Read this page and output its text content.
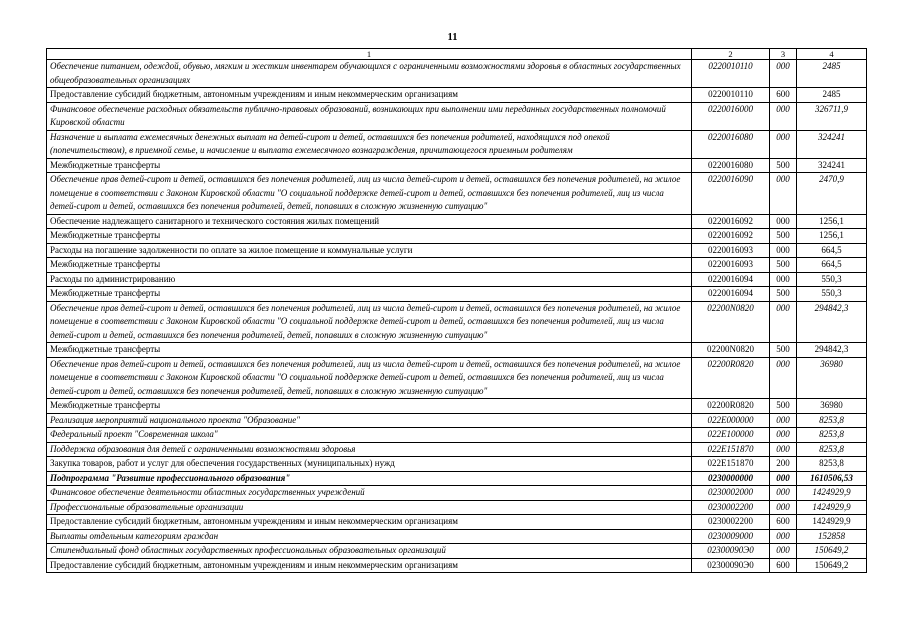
11
1	2	3	4
Обеспечение питанием, одеждой, обувью, мягким и жестким инвентарем обучающихся с ограниченными возможностями здоровья в областных государственных общеобразовательных организациях	0220010110	000	2485
Предоставление субсидий бюджетным, автономным учреждениям и иным некоммерческим организациям	0220010110	600	2485
Финансовое обеспечение расходных обязательств публично-правовых образований, возникающих при выполнении ими переданных государственных полномочий Кировской области	0220016000	000	326711,9
Назначение и выплата ежемесячных денежных выплат на детей-сирот и детей, оставшихся без попечения родителей, находящихся под опекой (попечительством), в приемной семье, и начисление и выплата ежемесячного вознаграждения, причитающегося приемным родителям	0220016080	000	324241
Межбюджетные трансферты	0220016080	500	324241
Обеспечение прав детей-сирот и детей, оставшихся без попечения родителей, лиц из числа детей-сирот и детей, оставшихся без попечения родителей, на жилое помещение в соответствии с Законом Кировской области "О социальной поддержке детей-сирот и детей, оставшихся без попечения родителей, лиц из числа детей-сирот и детей, оставшихся без попечения родителей, детей, попавших в сложную жизненную ситуацию"	0220016090	000	2470,9
Обеспечение надлежащего санитарного и технического состояния жилых помещений	0220016092	000	1256,1
Межбюджетные трансферты	0220016092	500	1256,1
Расходы на погашение задолженности по оплате за жилое помещение и коммунальные услуги	0220016093	000	664,5
Межбюджетные трансферты	0220016093	500	664,5
Расходы по администрированию	0220016094	000	550,3
Межбюджетные трансферты	0220016094	500	550,3
Обеспечение прав детей-сирот и детей, оставшихся без попечения родителей, лиц из числа детей-сирот и детей, оставшихся без попечения родителей, на жилое помещение в соответствии с Законом Кировской области "О социальной поддержке детей-сирот и детей, оставшихся без попечения родителей, лиц из числа детей-сирот и детей, оставшихся без попечения родителей, детей, попавших в сложную жизненную ситуацию"	02200N0820	000	294842,3
Межбюджетные трансферты	02200N0820	500	294842,3
Обеспечение прав детей-сирот и детей, оставшихся без попечения родителей, лиц из числа детей-сирот и детей, оставшихся без попечения родителей, на жилое помещение в соответствии с Законом Кировской области "О социальной поддержке детей-сирот и детей, оставшихся без попечения родителей, лиц из числа детей-сирот и детей, оставшихся без попечения родителей, детей, попавших в сложную жизненную ситуацию"	02200R0820	000	36980
Межбюджетные трансферты	02200R0820	500	36980
Реализация мероприятий национального проекта "Образование"	022E000000	000	8253,8
Федеральный проект "Современная школа"	022E100000	000	8253,8
Поддержка образования для детей с ограниченными возможностями здоровья	022E151870	000	8253,8
Закупка товаров, работ и услуг для обеспечения государственных (муниципальных) нужд	022E151870	200	8253,8
Подпрограмма "Развитие профессионального образования"	0230000000	000	1610506,53
Финансовое обеспечение деятельности областных государственных учреждений	0230002000	000	1424929,9
Профессиональные образовательные организации	0230002200	000	1424929,9
Предоставление субсидий бюджетным, автономным учреждениям и иным некоммерческим организациям	0230002200	600	1424929,9
Выплаты отдельным категориям граждан	0230009000	000	152858
Стипендиальный фонд областных государственных профессиональных образовательных организаций	02300090Э0	000	150649,2
Предоставление субсидий бюджетным, автономным учреждениям и иным некоммерческим организациям	02300090Э0	600	150649,2
